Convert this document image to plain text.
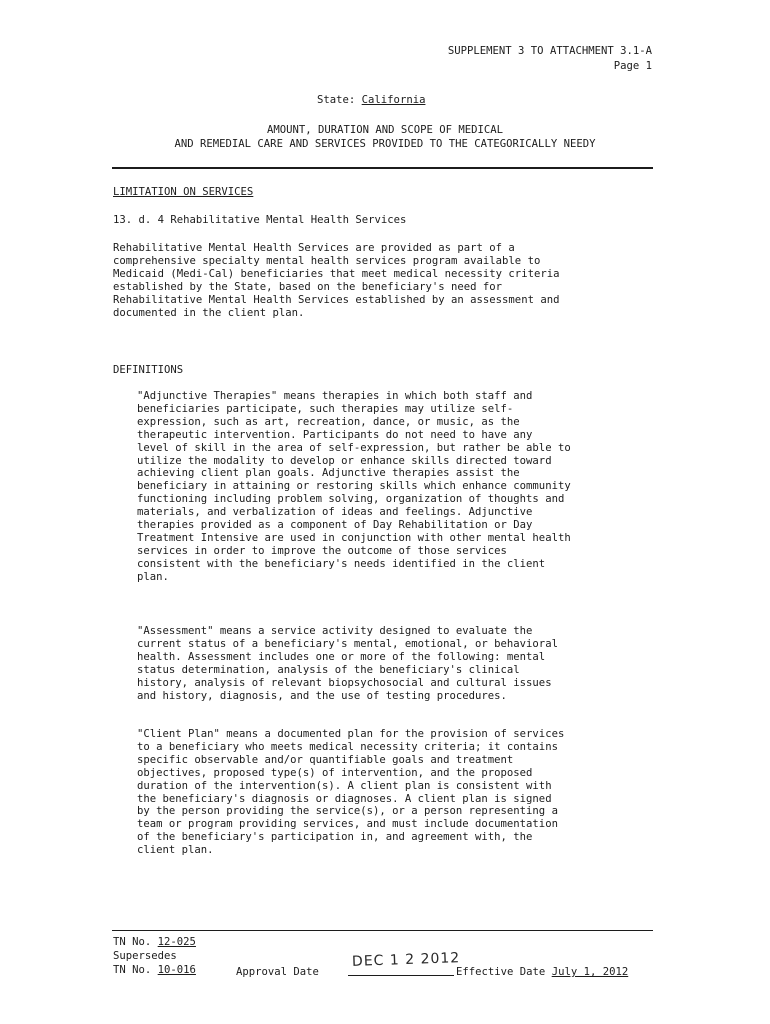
SUPPLEMENT 3 TO ATTACHMENT 3.1-A
Page 1
State: California
AMOUNT, DURATION AND SCOPE OF MEDICAL
AND REMEDIAL CARE AND SERVICES PROVIDED TO THE CATEGORICALLY NEEDY
LIMITATION ON SERVICES
13. d. 4 Rehabilitative Mental Health Services
Rehabilitative Mental Health Services are provided as part of a
comprehensive specialty mental health services program available to
Medicaid (Medi-Cal) beneficiaries that meet medical necessity criteria
established by the State, based on the beneficiary's need for
Rehabilitative Mental Health Services established by an assessment and
documented in the client plan.
DEFINITIONS
"Adjunctive Therapies" means therapies in which both staff and
beneficiaries participate, such therapies may utilize self-
expression, such as art, recreation, dance, or music, as the
therapeutic intervention. Participants do not need to have any
level of skill in the area of self-expression, but rather be able to
utilize the modality to develop or enhance skills directed toward
achieving client plan goals. Adjunctive therapies assist the
beneficiary in attaining or restoring skills which enhance community
functioning including problem solving, organization of thoughts and
materials, and verbalization of ideas and feelings. Adjunctive
therapies provided as a component of Day Rehabilitation or Day
Treatment Intensive are used in conjunction with other mental health
services in order to improve the outcome of those services
consistent with the beneficiary's needs identified in the client
plan.
"Assessment" means a service activity designed to evaluate the
current status of a beneficiary's mental, emotional, or behavioral
health. Assessment includes one or more of the following: mental
status determination, analysis of the beneficiary's clinical
history, analysis of relevant biopsychosocial and cultural issues
and history, diagnosis, and the use of testing procedures.
"Client Plan" means a documented plan for the provision of services
to a beneficiary who meets medical necessity criteria; it contains
specific observable and/or quantifiable goals and treatment
objectives, proposed type(s) of intervention, and the proposed
duration of the intervention(s). A client plan is consistent with
the beneficiary's diagnosis or diagnoses. A client plan is signed
by the person providing the service(s), or a person representing a
team or program providing services, and must include documentation
of the beneficiary's participation in, and agreement with, the
client plan.
TN No. 12-025
Supersedes
TN No. 10-016	Approval Date
DEC 1 2 2012
Effective Date July 1, 2012
